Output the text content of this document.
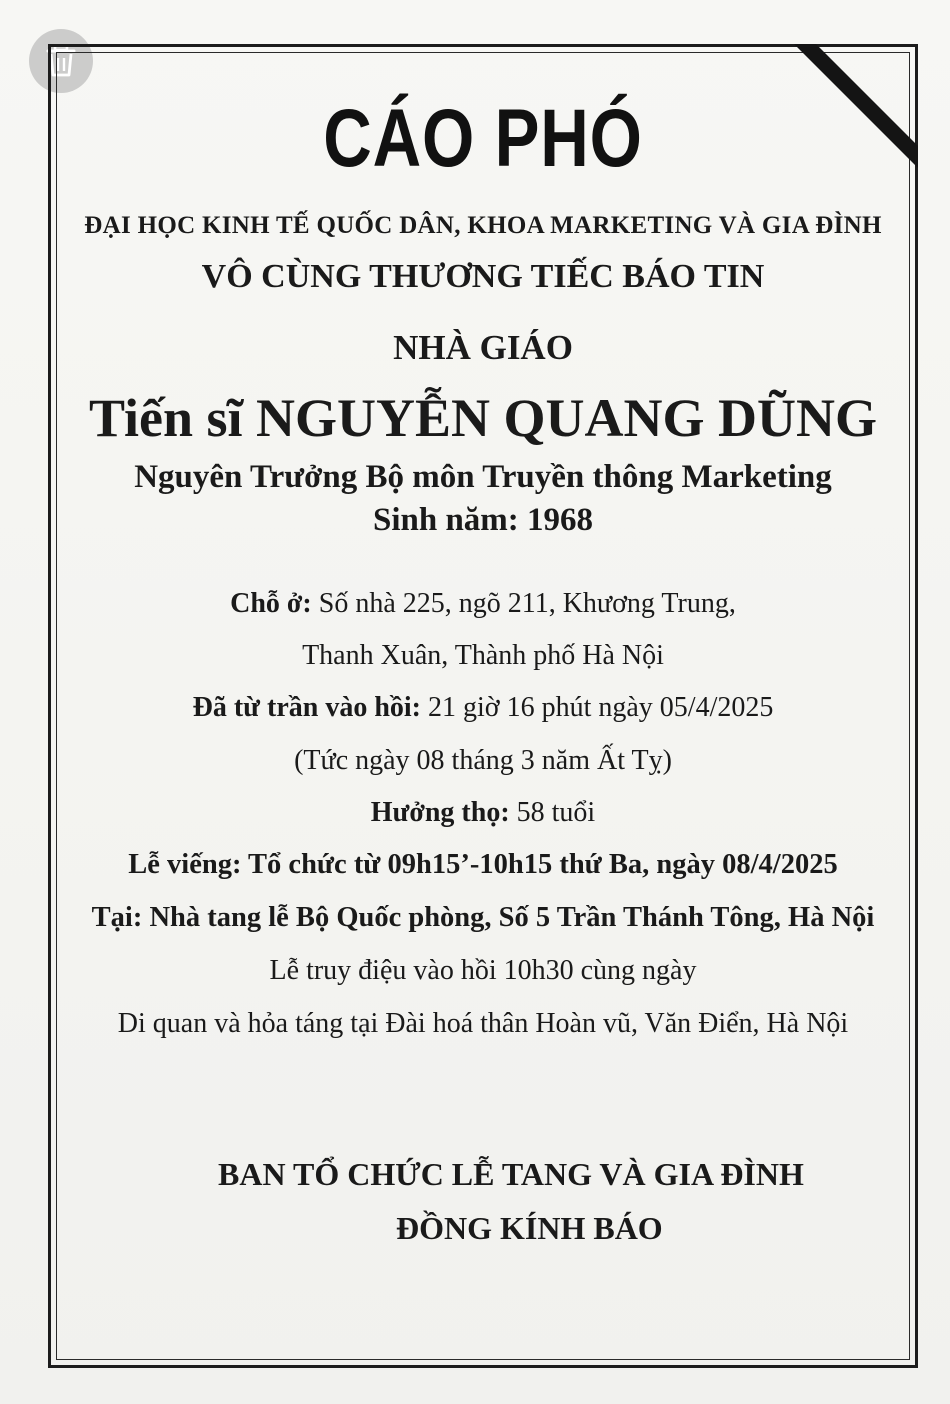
CÁO PHÓ
ĐẠI HỌC KINH TẾ QUỐC DÂN, KHOA MARKETING VÀ GIA ĐÌNH
VÔ CÙNG THƯƠNG TIẾC BÁO TIN
NHÀ GIÁO
Tiến sĩ NGUYỄN QUANG DŨNG
Nguyên Trưởng Bộ môn Truyền thông Marketing
Sinh năm: 1968
Chỗ ở: Số nhà 225, ngõ 211, Khương Trung,
Thanh Xuân, Thành phố Hà Nội
Đã từ trần vào hồi: 21 giờ 16 phút ngày 05/4/2025
(Tức ngày 08 tháng 3 năm Ất Tỵ)
Hưởng thọ: 58 tuổi
Lễ viếng: Tổ chức từ 09h15’-10h15 thứ Ba, ngày 08/4/2025
Tại: Nhà tang lễ Bộ Quốc phòng, Số 5 Trần Thánh Tông, Hà Nội
Lễ truy điệu vào hồi 10h30 cùng ngày
Di quan và hỏa táng tại Đài hoá thân Hoàn vũ, Văn Điển, Hà Nội
BAN TỔ CHỨC LỄ TANG VÀ GIA ĐÌNH
ĐỒNG KÍNH BÁO
